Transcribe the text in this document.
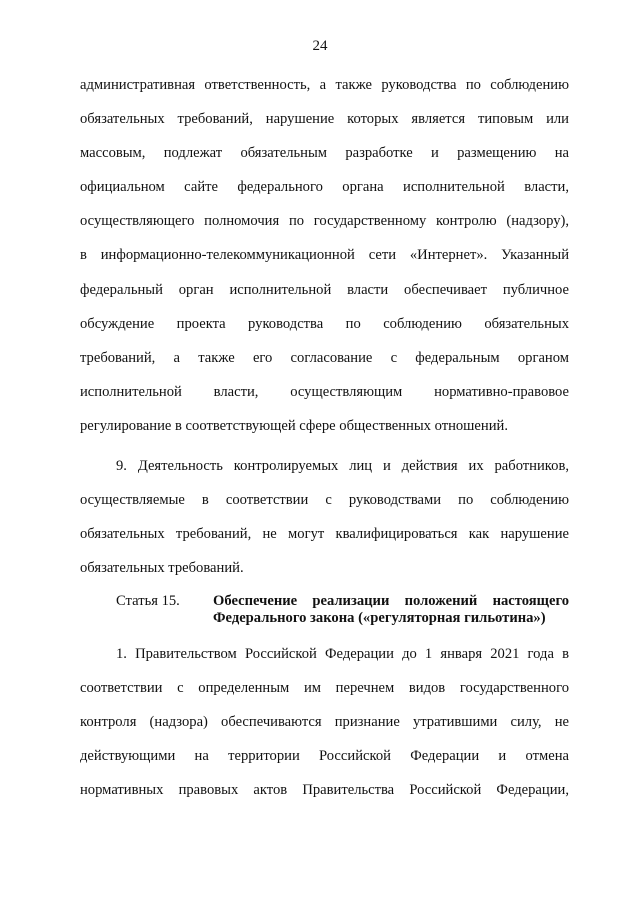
24
административная ответственность, а также руководства по соблюдению
обязательных требований, нарушение которых является типовым или
массовым, подлежат обязательным разработке и размещению на
официальном сайте федерального органа исполнительной власти,
осуществляющего полномочия по государственному контролю (надзору),
в информационно-телекоммуникационной сети «Интернет». Указанный
федеральный орган исполнительной власти обеспечивает публичное
обсуждение проекта руководства по соблюдению обязательных
требований, а также его согласование с федеральным органом
исполнительной власти, осуществляющим нормативно-правовое
регулирование в соответствующей сфере общественных отношений.
9. Деятельность контролируемых лиц и действия их работников,
осуществляемые в соответствии с руководствами по соблюдению
обязательных требований, не могут квалифицироваться как нарушение
обязательных требований.
Статья 15. Обеспечение реализации положений настоящего
Федерального закона («регуляторная гильотина»)
1. Правительством Российской Федерации до 1 января 2021 года в
соответствии с определенным им перечнем видов государственного
контроля (надзора) обеспечиваются признание утратившими силу, не
действующими на территории Российской Федерации и отмена
нормативных правовых актов Правительства Российской Федерации,
